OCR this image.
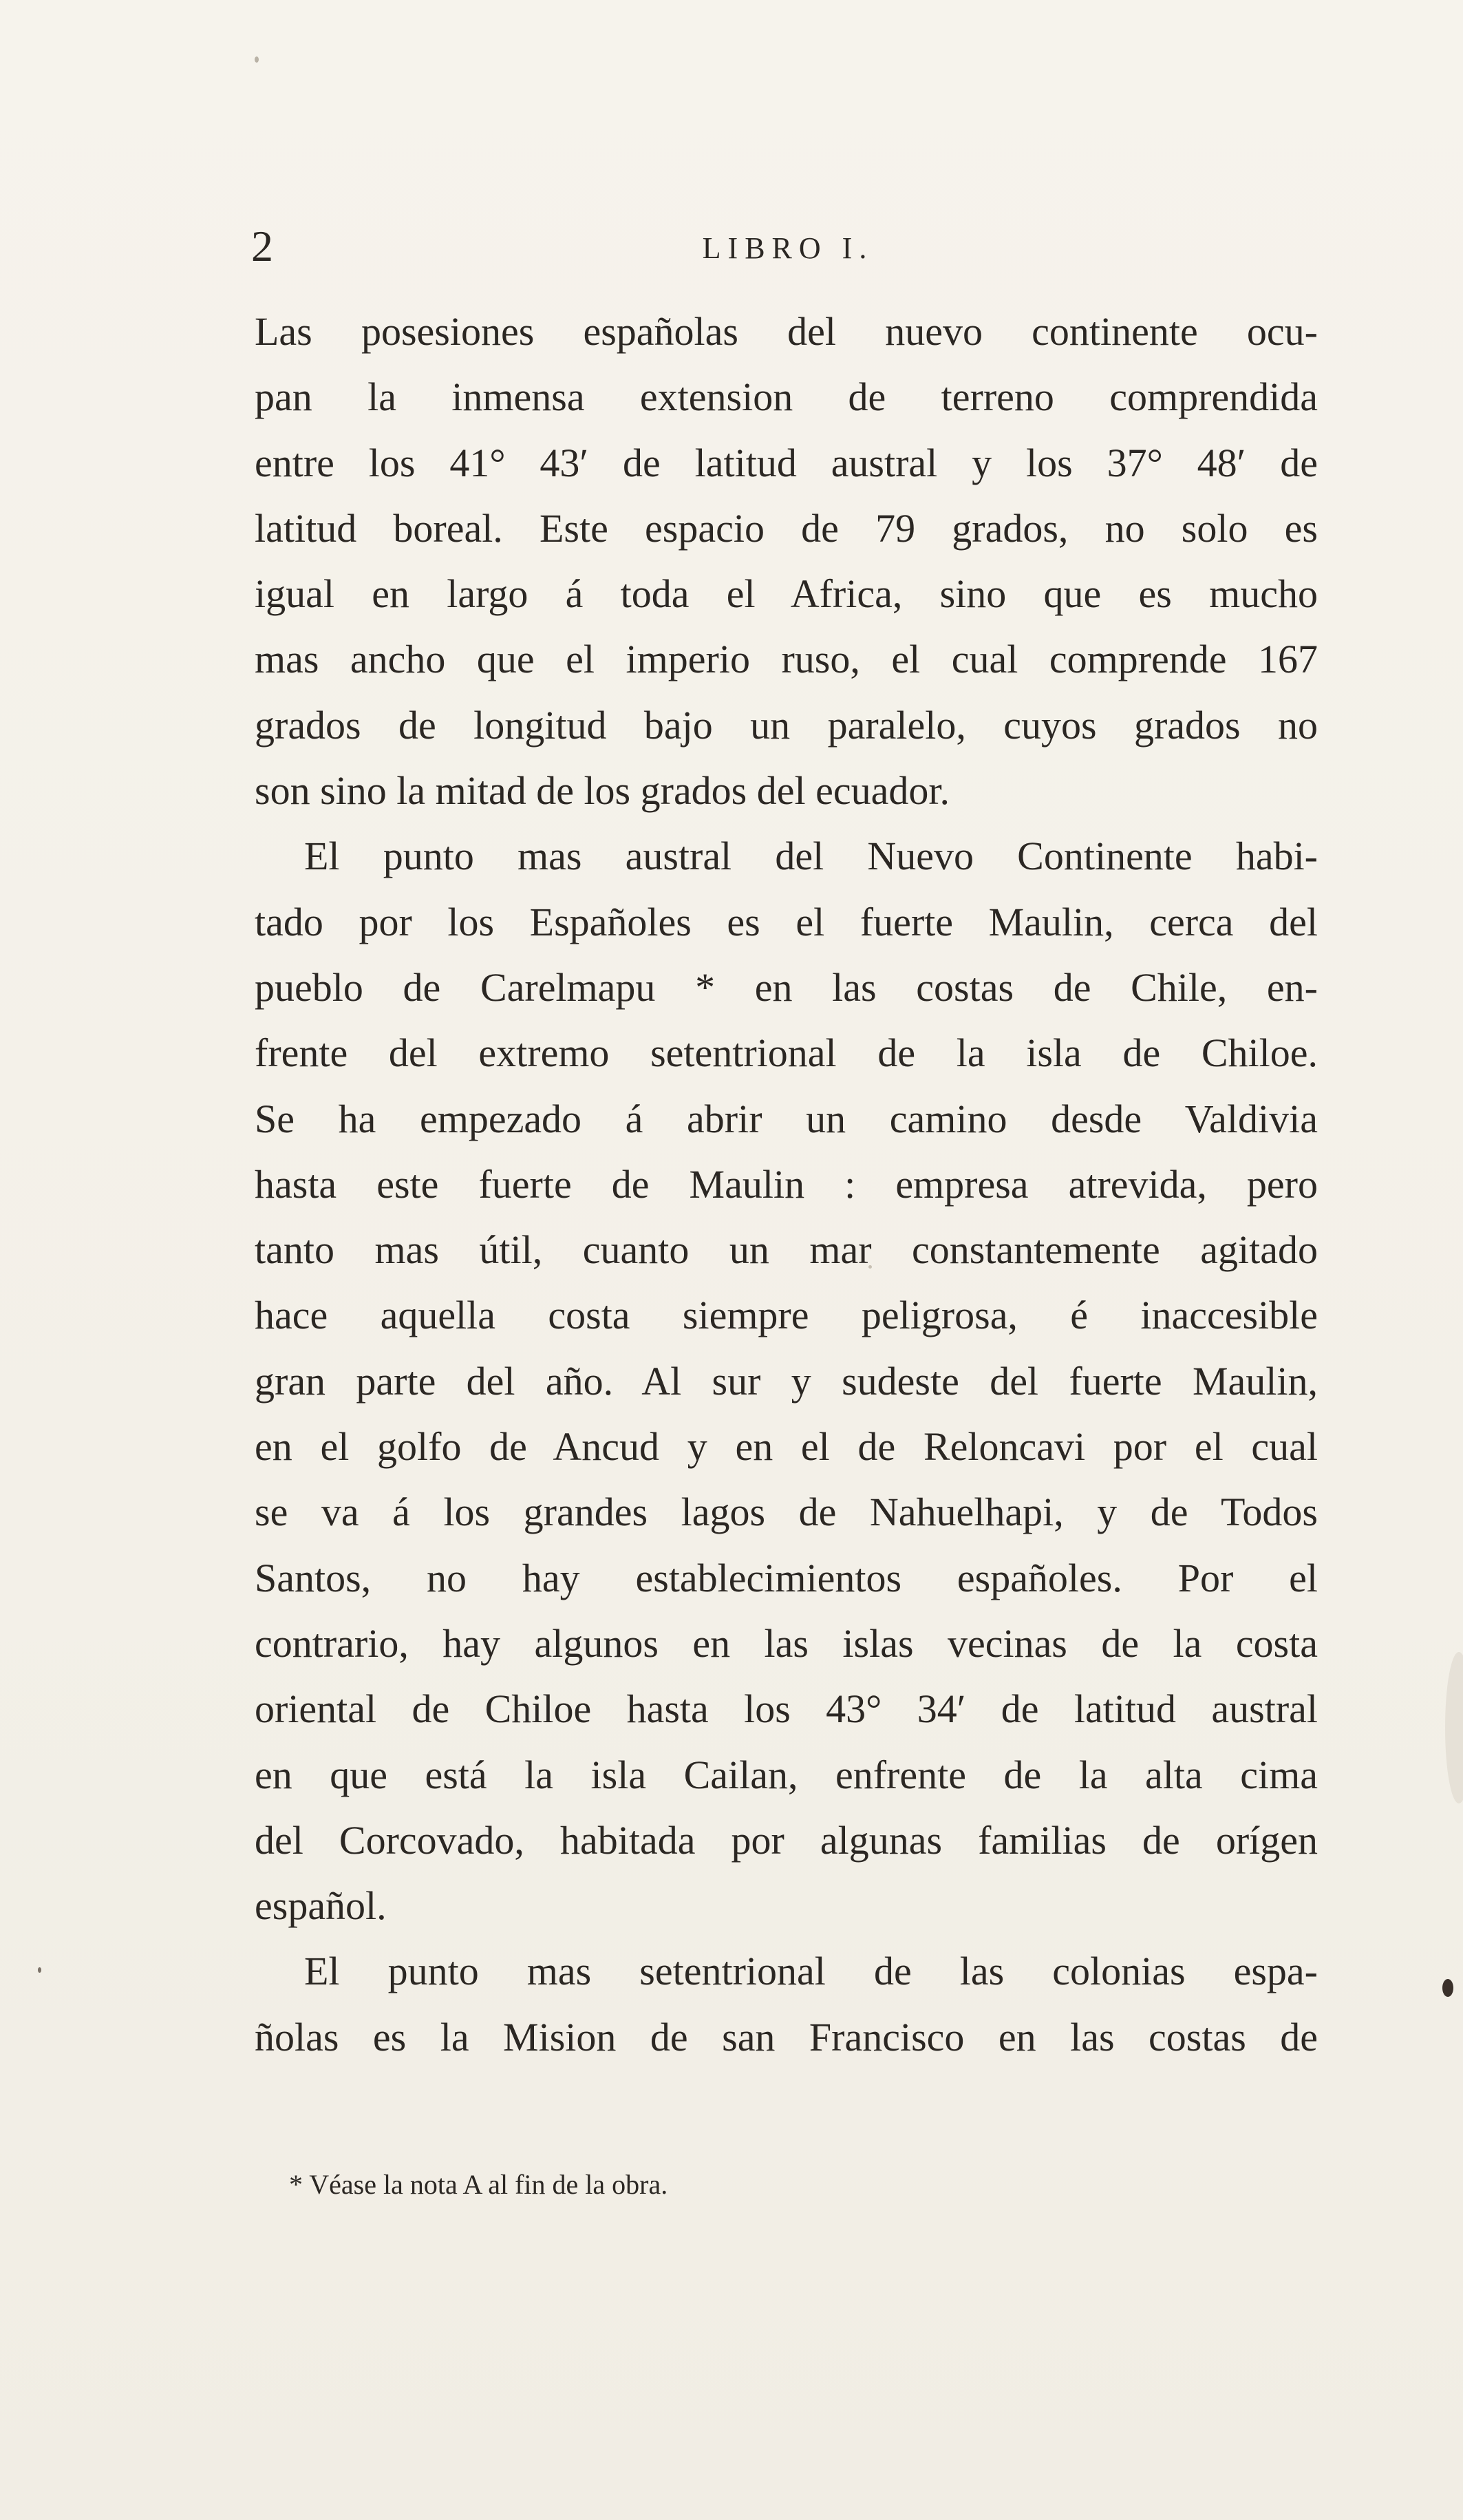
2	LIBRO I.
Las posesiones españolas del nuevo continente ocu-
pan la inmensa extension de terreno comprendida
entre los 41° 43′ de latitud austral y los 37° 48′ de
latitud boreal. Este espacio de 79 grados, no solo es
igual en largo á toda el Africa, sino que es mucho
mas ancho que el imperio ruso, el cual comprende 167
grados de longitud bajo un paralelo, cuyos grados no
son sino la mitad de los grados del ecuador.
El punto mas austral del Nuevo Continente habi-
tado por los Españoles es el fuerte Maulin, cerca del
pueblo de Carelmapu * en las costas de Chile, en-
frente del extremo setentrional de la isla de Chiloe.
Se ha empezado á abrir un camino desde Valdivia
hasta este fuerte de Maulin : empresa atrevida, pero
tanto mas útil, cuanto un mar constantemente agitado
hace aquella costa siempre peligrosa, é inaccesible
gran parte del año. Al sur y sudeste del fuerte Maulin,
en el golfo de Ancud y en el de Reloncavi por el cual
se va á los grandes lagos de Nahuelhapi, y de Todos
Santos, no hay establecimientos españoles. Por el
contrario, hay algunos en las islas vecinas de la costa
oriental de Chiloe hasta los 43° 34′ de latitud austral
en que está la isla Cailan, enfrente de la alta cima
del Corcovado, habitada por algunas familias de orígen
español.
El punto mas setentrional de las colonias espa-
ñolas es la Mision de san Francisco en las costas de
* Véase la nota A al fin de la obra.
